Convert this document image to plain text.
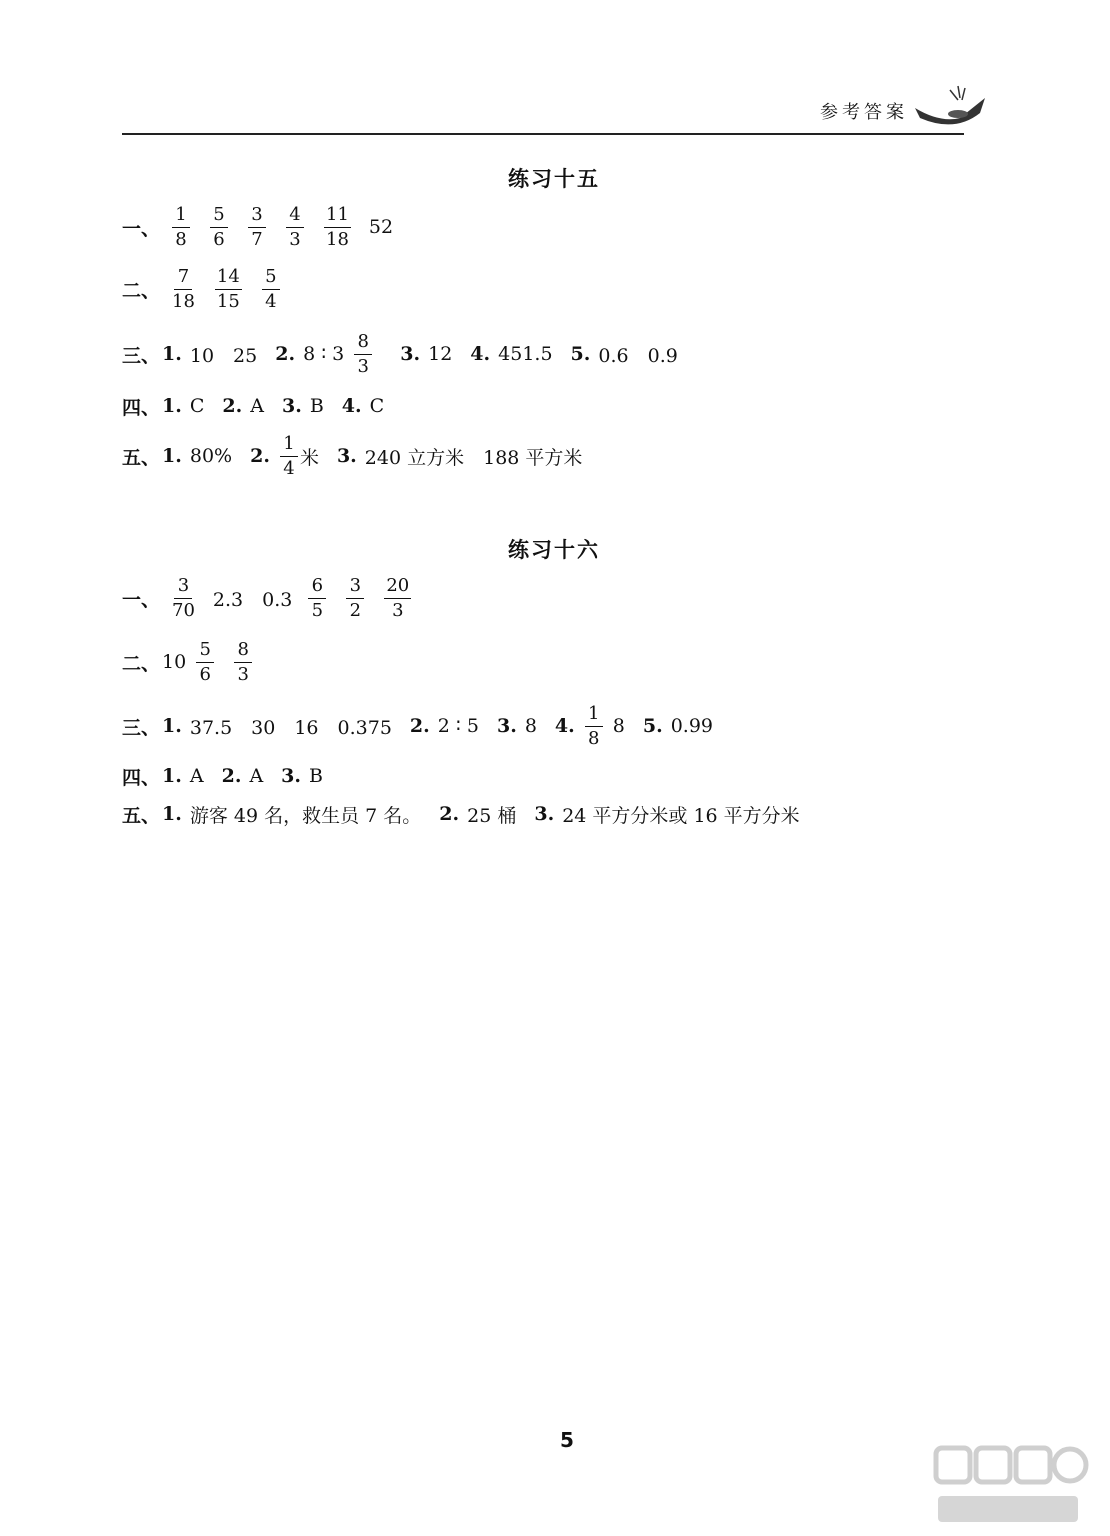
参考答案
练习十五
一、 $\frac{1}{8} \frac{5}{6} \frac{3}{7} \frac{4}{3} \frac{11}{18} 52$
二、 $\frac{7}{18} \frac{14}{15} \frac{5}{4}$
三、 1. 10　25 2. 8 ∶ $3 \frac{8}{3} 3$. 12 4. 451.5 5. 0.6　0.9
四、 1. C 2. A 3. B 4. C
五、 1. 80% 2. $\frac{1}{4}$ 米 3. 240 立方米　188 平方米
练习十六
一、 $\frac{3}{70} 2.3$　$0.3 \frac{6}{5} \frac{3}{2} \frac{20}{3}$
二、 $10 \frac{5}{6} \frac{8}{3}$
三、 1. 37.5　30　16　0.375 2. 2 ∶ 5 3. 8 4. $\frac{1}{8} 8$ 5. 0.99
四、 1. A 2. A 3. B
五、 1. 游客 49 名，救生员 7 名。 2. 25 桶 3. 24 平方分米或 16 平方分米
5
